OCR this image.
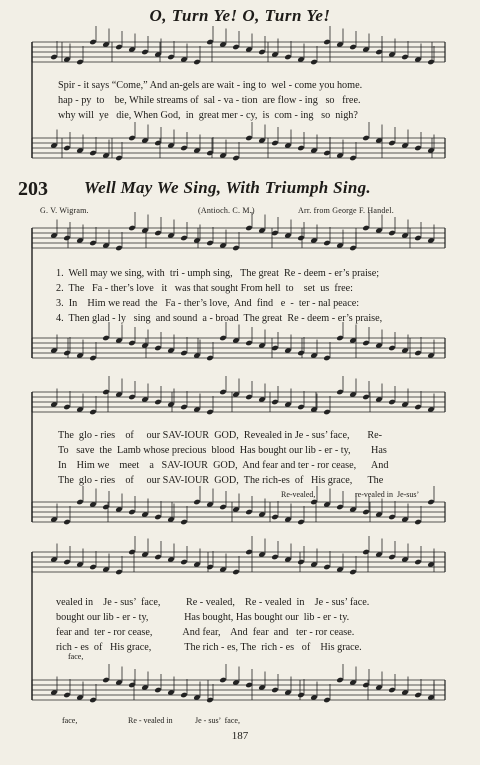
O, Turn Ye! O, Turn Ye!
Spir - it says “Come,” And an-gels are wait - ing to  wel - come you home.
hap - py  to    be, While streams of  sal - va - tion  are flow - ing   so   free.
why will  ye   die, When God,  in  great mer - cy,  is  com - ing   so  nigh?
203 Well May We Sing, With Triumph Sing.
G. V. Wigram.	(Antioch. C. M.)	Arr. from George F. Handel.
1.  Well may we sing, with  tri - umph sing,   The great  Re - deem - er’s praise;
2.  The   Fa - ther’s love   it   was that sought From hell  to    set  us  free:
3.  In    Him we read  the   Fa - ther’s love,  And  find   e  -  ter - nal peace:
4.  Then glad - ly   sing  and sound  a - broad  The great  Re - deem - er’s praise,
The  glo - ries    of     our SAV-IOUR  GOD,  Revealed in Je - sus’ face,       Re-
To   save  the  Lamb whose precious  blood  Has bought our lib - er - ty,        Has
In    Him we    meet    a   SAV-IOUR  GOD,  And fear and ter - ror cease,      And
The  glo - ries    of     our SAV-IOUR  GOD,  The rich-es  of   His grace,      The
Re-vealed,	re-vealed in  Je-sus’
face,
vealed in    Je - sus’  face,          Re - vealed,    Re - vealed  in    Je - sus’ face.
bought our lib - er - ty,              Has bought, Has bought our  lib - er - ty.
fear and  ter - ror cease,            And fear,    And  fear  and   ter - ror cease.
rich - es  of   His grace,             The rich - es, The  rich - es   of    His grace.
face,	Re - vealed in	Je - sus’  face,
187
